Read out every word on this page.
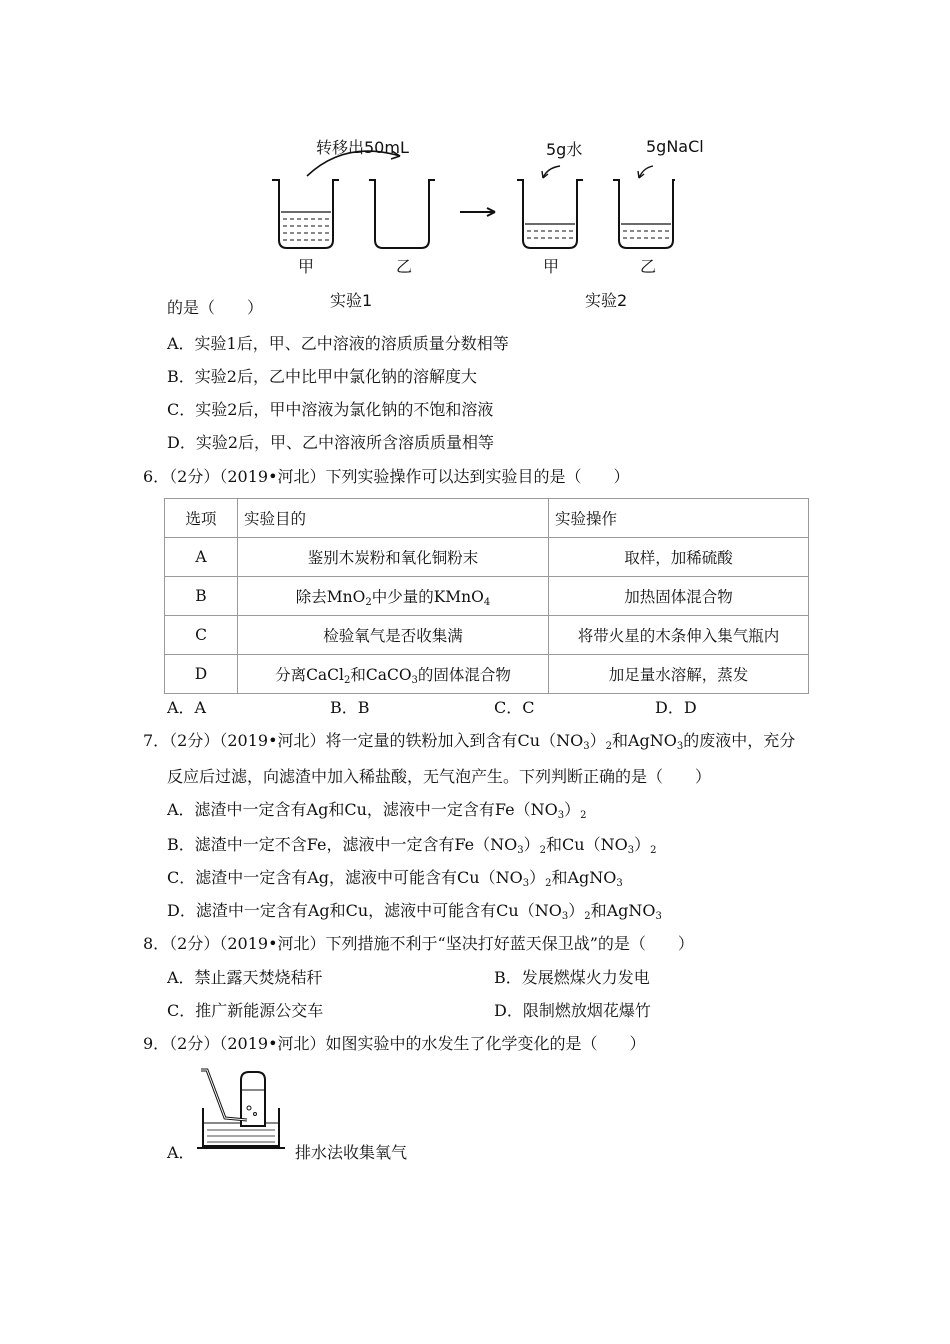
转移出50mL	5g水	5gNaCl
甲	乙	甲	乙
实验1	实验2
的是（　　）
A．实验1后，甲、乙中溶液的溶质质量分数相等
B．实验2后，乙中比甲中氯化钠的溶解度大
C．实验2后，甲中溶液为氯化钠的不饱和溶液
D．实验2后，甲、乙中溶液所含溶质质量相等
6．（2分）（2019•河北）下列实验操作可以达到实验目的是（　　）
选项	实验目的	实验操作
A	鉴别木炭粉和氧化铜粉末	取样，加稀硫酸
B	除去MnO$_2$中少量的KMnO$_4$	加热固体混合物
C	检验氧气是否收集满	将带火星的木条伸入集气瓶内
D	分离CaCl$_2$和CaCO$_3$的固体混合物	加足量水溶解，蒸发
A．A	B．B	C．C	D．D
7．（2分）（2019•河北）将一定量的铁粉加入到含有$Cu(NO_3)_2$和AgNO$_3$的废液中，充分
反应后过滤，向滤渣中加入稀盐酸，无气泡产生。下列判断正确的是（　　）
A．滤渣中一定含有Ag和Cu，滤液中一定含有$Fe(NO_3)_2$
B．滤渣中一定不含Fe，滤液中一定含有$Fe(NO_3)_2$和$Cu(NO_3)_2$
C．滤渣中一定含有Ag，滤液中可能含有$Cu(NO_3)_2$和AgNO$_3$
D．滤渣中一定含有Ag和Cu，滤液中可能含有$Cu(NO_3)_2$和AgNO$_3$
8．（2分）（2019•河北）下列措施不利于“坚决打好蓝天保卫战”的是（　　）
A．禁止露天焚烧秸秆	B．发展燃煤火力发电
C．推广新能源公交车	D．限制燃放烟花爆竹
9．（2分）（2019•河北）如图实验中的水发生了化学变化的是（　　）
A．	排水法收集氧气
